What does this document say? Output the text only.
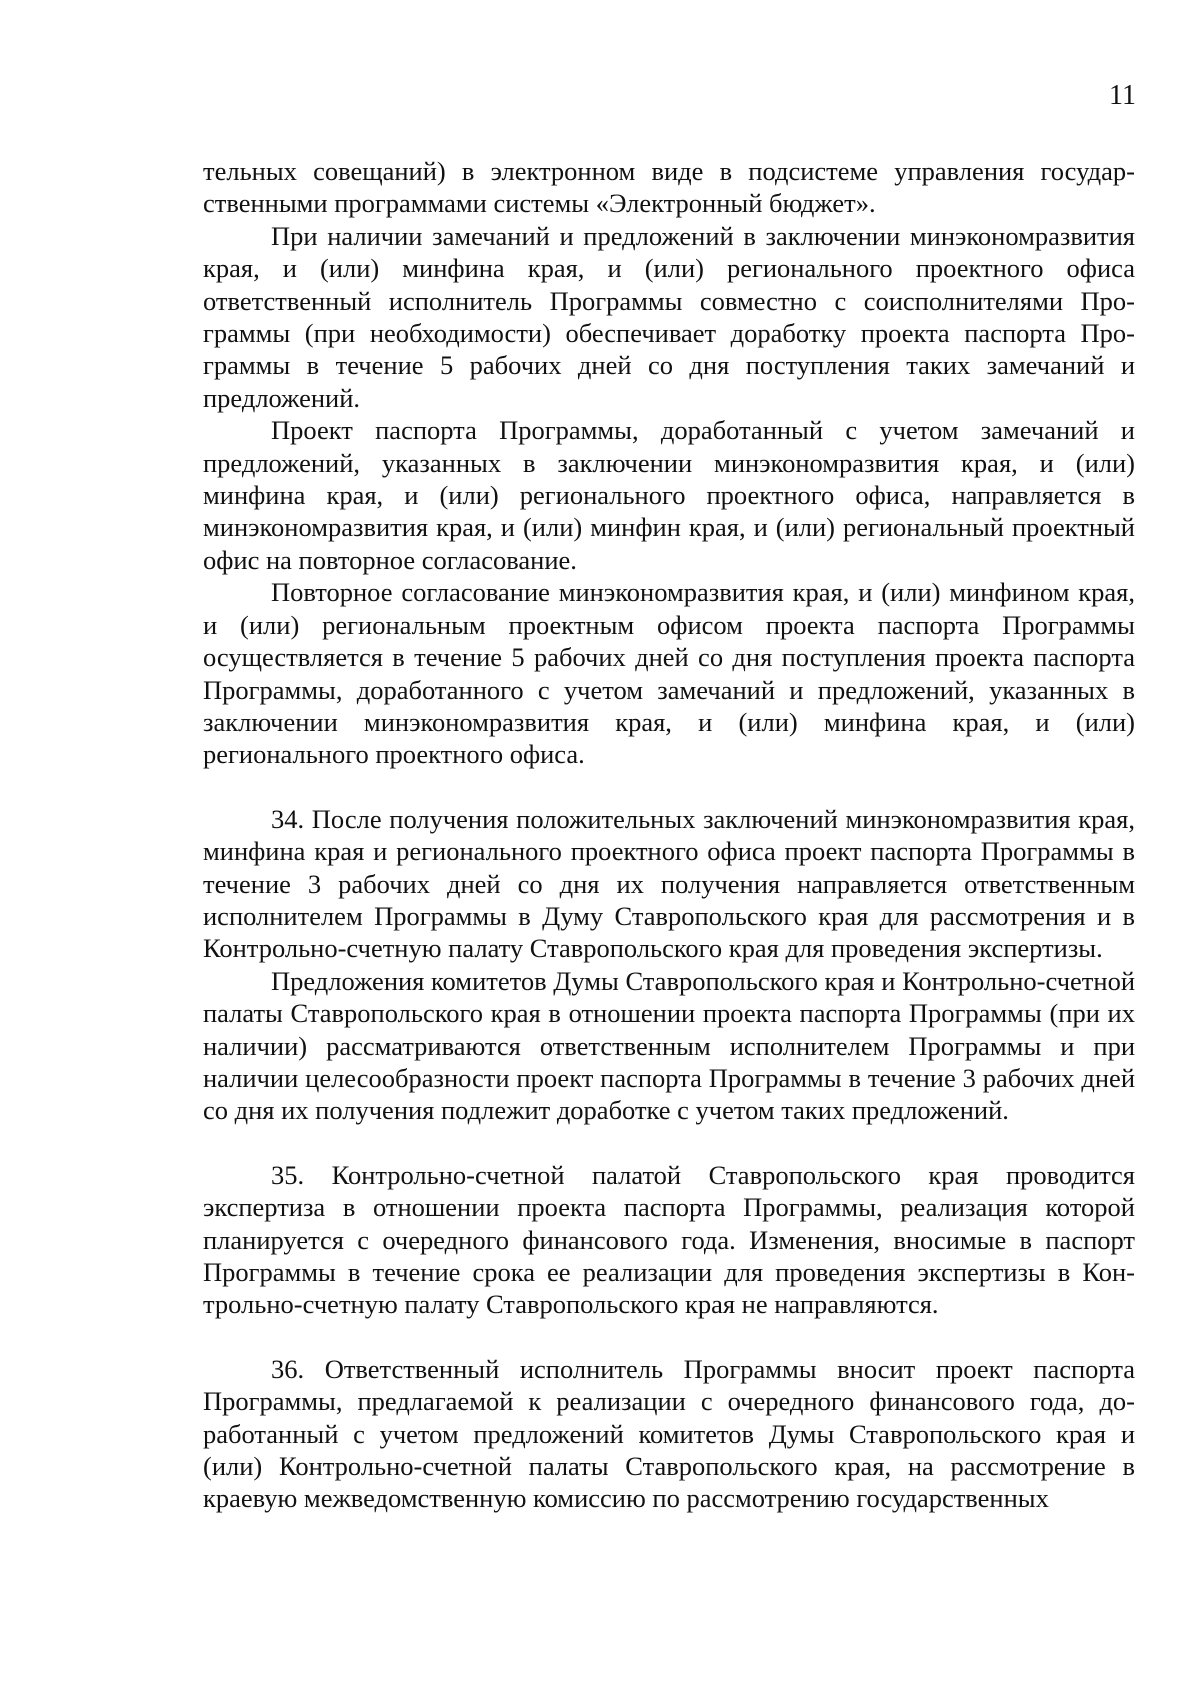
11

тельных совещаний) в электронном виде в подсистеме управления государственными программами системы «Электронный бюджет».

При наличии замечаний и предложений в заключении минэкономразвития края, и (или) минфина края, и (или) регионального проектного офиса ответственный исполнитель Программы совместно с соисполнителями Программы (при необходимости) обеспечивает доработку проекта паспорта Программы в течение 5 рабочих дней со дня поступления таких замечаний и предложений.

Проект паспорта Программы, доработанный с учетом замечаний и предложений, указанных в заключении минэкономразвития края, и (или) минфина края, и (или) регионального проектного офиса, направляется в минэкономразвития края, и (или) минфин края, и (или) региональный проектный офис на повторное согласование.

Повторное согласование минэкономразвития края, и (или) минфином края, и (или) региональным проектным офисом проекта паспорта Программы осуществляется в течение 5 рабочих дней со дня поступления проекта паспорта Программы, доработанного с учетом замечаний и предложений, указанных в заключении минэкономразвития края, и (или) минфина края, и (или) регионального проектного офиса.

34. После получения положительных заключений минэкономразвития края, минфина края и регионального проектного офиса проект паспорта Программы в течение 3 рабочих дней со дня их получения направляется ответственным исполнителем Программы в Думу Ставропольского края для рассмотрения и в Контрольно-счетную палату Ставропольского края для проведения экспертизы.

Предложения комитетов Думы Ставропольского края и Контрольно-счетной палаты Ставропольского края в отношении проекта паспорта Программы (при их наличии) рассматриваются ответственным исполнителем Программы и при наличии целесообразности проект паспорта Программы в течение 3 рабочих дней со дня их получения подлежит доработке с учетом таких предложений.

35. Контрольно-счетной палатой Ставропольского края проводится экспертиза в отношении проекта паспорта Программы, реализация которой планируется с очередного финансового года. Изменения, вносимые в паспорт Программы в течение срока ее реализации для проведения экспертизы в Контрольно-счетную палату Ставропольского края не направляются.

36. Ответственный исполнитель Программы вносит проект паспорта Программы, предлагаемой к реализации с очередного финансового года, доработанный с учетом предложений комитетов Думы Ставропольского края и (или) Контрольно-счетной палаты Ставропольского края, на рассмотрение в краевую межведомственную комиссию по рассмотрению государственных
